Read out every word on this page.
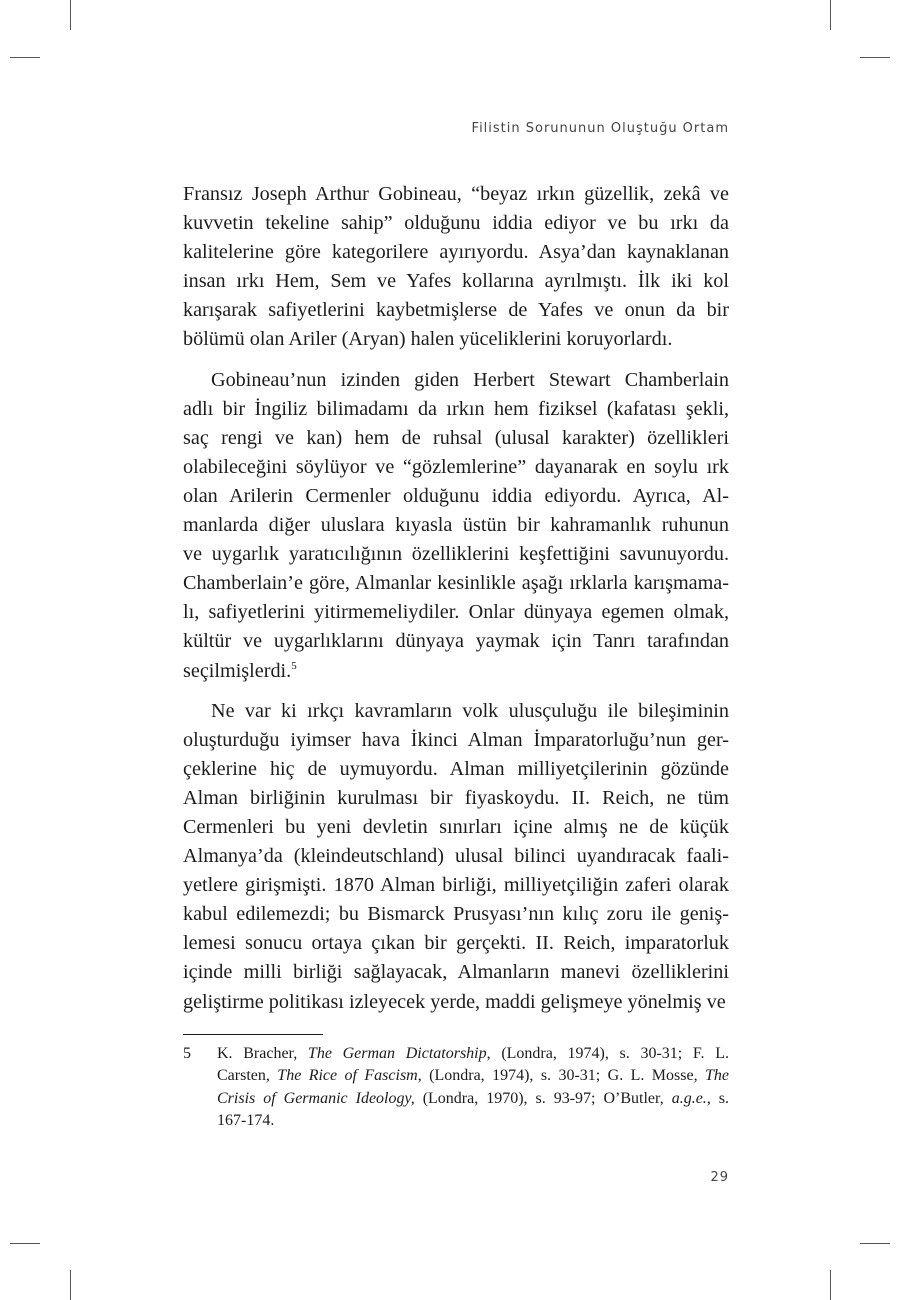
Filistin Sorununun Oluştuğu Ortam
Fransız Joseph Arthur Gobineau, “beyaz ırkın güzellik, zekâ ve
kuvvetin tekeline sahip” olduğunu iddia ediyor ve bu ırkı da
kalitelerine göre kategorilere ayırıyordu. Asya’dan kaynaklanan
insan ırkı Hem, Sem ve Yafes kollarına ayrılmıştı. İlk iki kol
karışarak safiyetlerini kaybetmişlerse de Yafes ve onun da bir
bölümü olan Ariler (Aryan) halen yüceliklerini koruyorlardı.
Gobineau’nun izinden giden Herbert Stewart Chamberlain
adlı bir İngiliz bilimadamı da ırkın hem fiziksel (kafatası şekli,
saç rengi ve kan) hem de ruhsal (ulusal karakter) özellikleri
olabileceğini söylüyor ve “gözlemlerine” dayanarak en soylu ırk
olan Arilerin Cermenler olduğunu iddia ediyordu. Ayrıca, Al-
manlarda diğer uluslara kıyasla üstün bir kahramanlık ruhunun
ve uygarlık yaratıcılığının özelliklerini keşfettiğini savunuyordu.
Chamberlain’e göre, Almanlar kesinlikle aşağı ırklarla karışmama-
lı, safiyetlerini yitirmemeliydiler. Onlar dünyaya egemen olmak,
kültür ve uygarlıklarını dünyaya yaymak için Tanrı tarafından
seçilmişlerdi.$^5$
Ne var ki ırkçı kavramların volk ulusçuluğu ile bileşiminin
oluşturduğu iyimser hava İkinci Alman İmparatorluğu’nun ger-
çeklerine hiç de uymuyordu. Alman milliyetçilerinin gözünde
Alman birliğinin kurulması bir fiyaskoydu. II. Reich, ne tüm
Cermenleri bu yeni devletin sınırları içine almış ne de küçük
Almanya’da (kleindeutschland) ulusal bilinci uyandıracak faali-
yetlere girişmişti. 1870 Alman birliği, milliyetçiliğin zaferi olarak
kabul edilemezdi; bu Bismarck Prusyası’nın kılıç zoru ile geniş-
lemesi sonucu ortaya çıkan bir gerçekti. II. Reich, imparatorluk
içinde milli birliği sağlayacak, Almanların manevi özelliklerini
geliştirme politikası izleyecek yerde, maddi gelişmeye yönelmiş ve
5 K. Bracher, The German Dictatorship, (Londra, 1974), s. 30-31; F. L.
Carsten, The Rice of Fascism, (Londra, 1974), s. 30-31; G. L. Mosse, The
Crisis of Germanic Ideology, (Londra, 1970), s. 93-97; O’Butler, a.g.e., s.
167-174.
29
